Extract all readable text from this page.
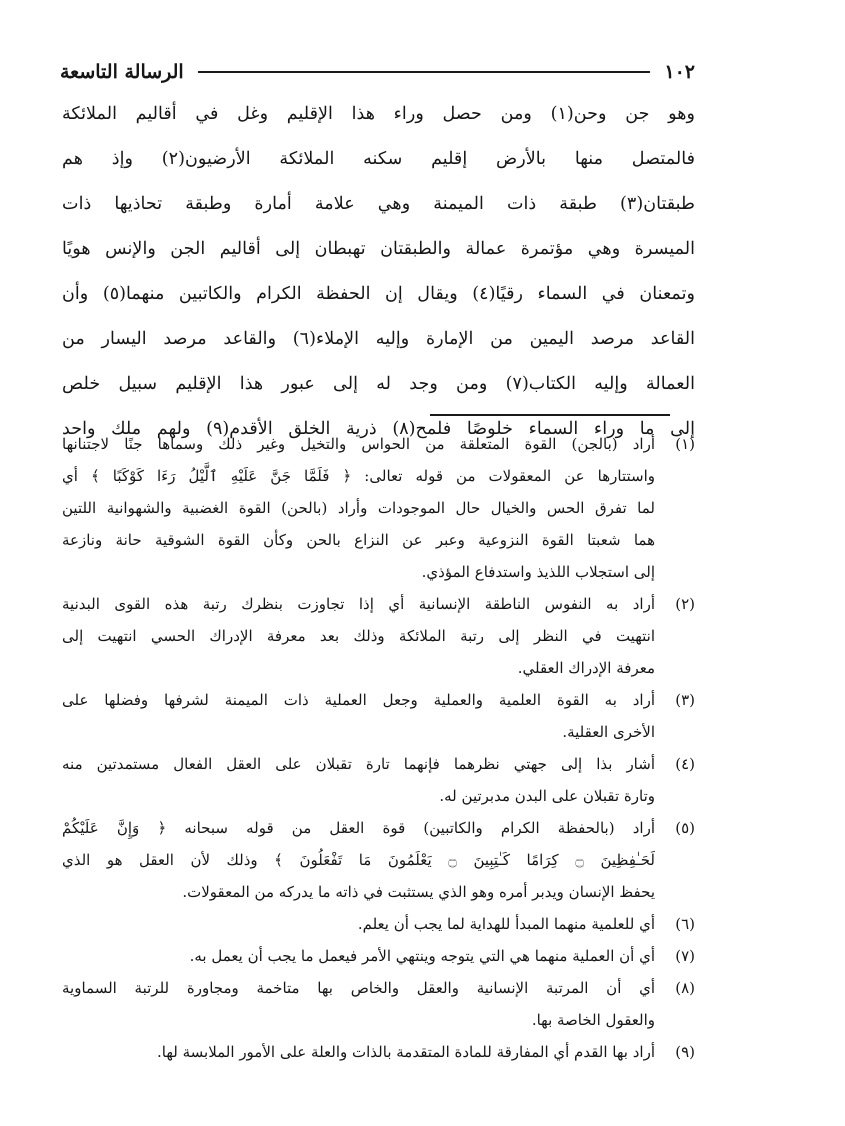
الرسالة التاسعة	١٠٢
وهو جن وحن(١) ومن حصل وراء هذا الإقليم وغل في أقاليم الملائكة
فالمتصل منها بالأرض إقليم سكنه الملائكة الأرضيون(٢) وإذ هم
طبقتان(٣) طبقة ذات الميمنة وهي علامة أمارة وطبقة تحاذيها ذات
الميسرة وهي مؤتمرة عمالة والطبقتان تهبطان إلى أقاليم الجن والإنس هويًا
وتمعنان في السماء رقيًا(٤) ويقال إن الحفظة الكرام والكاتبين منهما(٥) وأن
القاعد مرصد اليمين من الإمارة وإليه الإملاء(٦) والقاعد مرصد اليسار من
العمالة وإليه الكتاب(٧) ومن وجد له إلى عبور هذا الإقليم سبيل خلص
إلى ما وراء السماء خلوصًا فلمح(٨) ذرية الخلق الأقدم(٩) ولهم ملك واحد
(١)
أراد (بالجن) القوة المتعلقة من الحواس والتخيل وغير ذلك وسماها جنًا لاجتنانها
واستتارها عن المعقولات من قوله تعالى: ﴿ فَلَمَّا جَنَّ عَلَيْهِ ٱلَّيْلُ رَءَا كَوْكَبًا ﴾ أي
لما تفرق الحس والخيال حال الموجودات وأراد (بالحن) القوة الغضبية والشهوانية اللتين
هما شعبتا القوة النزوعية وعبر عن النزاع بالحن وكأن القوة الشوقية حانة ونازعة
إلى استجلاب اللذيذ واستدفاع المؤذي.
(٢)
أراد به النفوس الناطقة الإنسانية أي إذا تجاوزت بنظرك رتبة هذه القوى البدنية
انتهيت في النظر إلى رتبة الملائكة وذلك بعد معرفة الإدراك الحسي انتهيت إلى
معرفة الإدراك العقلي.
(٣)
أراد به القوة العلمية والعملية وجعل العملية ذات الميمنة لشرفها وفضلها على
الأخرى العقلية.
(٤)
أشار بذا إلى جهتي نظرهما فإنهما تارة تقبلان على العقل الفعال مستمدتين منه
وتارة تقبلان على البدن مدبرتين له.
(٥)
أراد (بالحفظة الكرام والكاتبين) قوة العقل من قوله سبحانه ﴿ وَإِنَّ عَلَيْكُمْ
لَحَـٰفِظِينَ ۝ كِرَامًا كَـٰتِبِينَ ۝ يَعْلَمُونَ مَا تَفْعَلُونَ ﴾ وذلك لأن العقل هو الذي
يحفظ الإنسان ويدبر أمره وهو الذي يستثبت في ذاته ما يدركه من المعقولات.
(٦)
أي للعلمية منهما المبدأ للهداية لما يجب أن يعلم.
(٧)
أي أن العملية منهما هي التي يتوجه وينتهي الأمر فيعمل ما يجب أن يعمل به.
(٨)
أي أن المرتبة الإنسانية والعقل والخاص بها متاخمة ومجاورة للرتبة السماوية
والعقول الخاصة بها.
(٩)
أراد بها القدم أي المفارقة للمادة المتقدمة بالذات والعلة على الأمور الملابسة لها.
